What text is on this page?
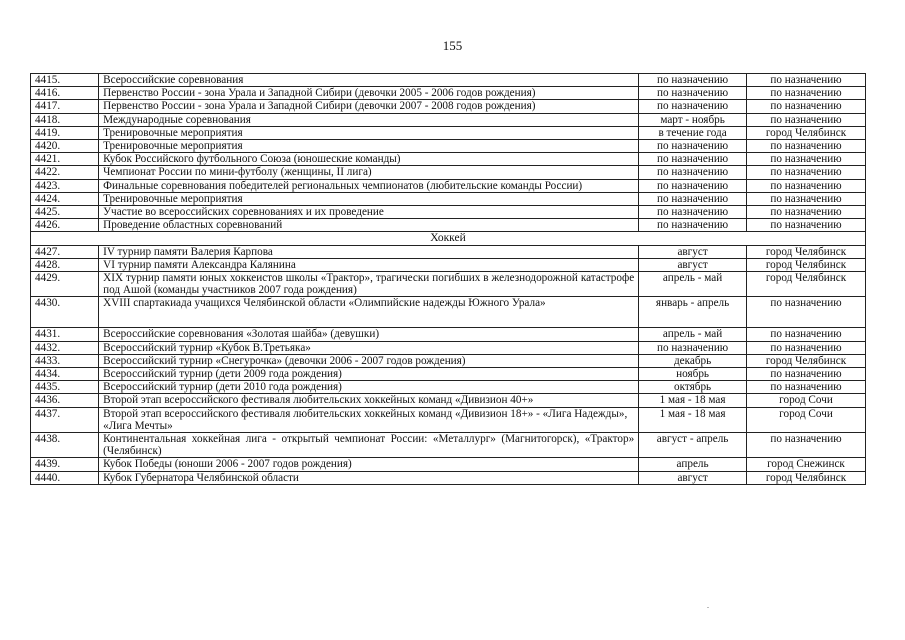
155
4415.	Всероссийские соревнования	по назначению	по назначению
4416.	Первенство России - зона Урала и Западной Сибири (девочки 2005 - 2006 годов рождения)	по назначению	по назначению
4417.	Первенство России - зона Урала и Западной Сибири (девочки 2007 - 2008 годов рождения)	по назначению	по назначению
4418.	Международные соревнования	март - ноябрь	по назначению
4419.	Тренировочные мероприятия	в течение года	город Челябинск
4420.	Тренировочные мероприятия	по назначению	по назначению
4421.	Кубок Российского футбольного Союза (юношеские команды)	по назначению	по назначению
4422.	Чемпионат России по мини-футболу (женщины, II лига)	по назначению	по назначению
4423.	Финальные соревнования победителей региональных чемпионатов (любительские команды России)	по назначению	по назначению
4424.	Тренировочные мероприятия	по назначению	по назначению
4425.	Участие во всероссийских соревнованиях и их проведение	по назначению	по назначению
4426.	Проведение областных соревнований	по назначению	по назначению
Хоккей			
4427.	IV турнир памяти Валерия Карпова	август	город Челябинск
4428.	VI турнир памяти Александра Калянина	август	город Челябинск
4429.	XIX турнир памяти юных хоккеистов школы «Трактор», трагически погибших в железнодорожной катастрофе под Ашой (команды участников 2007 года рождения)	апрель - май	город Челябинск
4430.	XVIII спартакиада учащихся Челябинской области «Олимпийские надежды Южного Урала»	январь - апрель	по назначению
4431.	Всероссийские соревнования «Золотая шайба» (девушки)	апрель - май	по назначению
4432.	Всероссийский турнир «Кубок В.Третьяка»	по назначению	по назначению
4433.	Всероссийский турнир «Снегурочка» (девочки 2006 - 2007 годов рождения)	декабрь	город Челябинск
4434.	Всероссийский турнир (дети 2009 года рождения)	ноябрь	по назначению
4435.	Всероссийский турнир (дети 2010 года рождения)	октябрь	по назначению
4436.	Второй этап всероссийского фестиваля любительских хоккейных команд «Дивизион 40+»	1 мая - 18 мая	город Сочи
4437.	Второй этап всероссийского фестиваля любительских хоккейных команд «Дивизион 18+» - «Лига Надежды», «Лига Мечты»	1 мая - 18 мая	город Сочи
4438.	Континентальная хоккейная лига - открытый чемпионат России: «Металлург» (Магнитогорск), «Трактор» (Челябинск)	август - апрель	по назначению
4439.	Кубок Победы (юноши 2006 - 2007 годов рождения)	апрель	город Снежинск
4440.	Кубок Губернатора Челябинской области	август	город Челябинск
